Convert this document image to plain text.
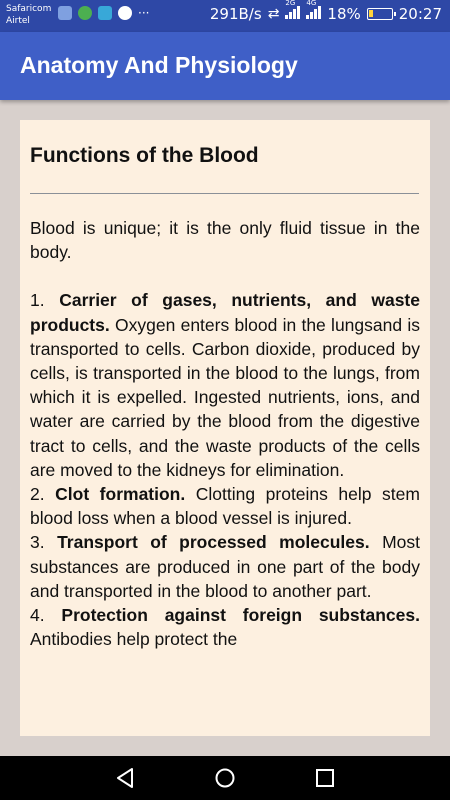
Safaricom
Airtel
···	291B/s ⇄
2G 4G
18%	20:27
Anatomy And Physiology
Functions of the Blood

Blood is unique; it is the only fluid tissue in the body.

1. Carrier of gases, nutrients, and waste products. Oxygen enters blood in the lungsand is transported to cells. Carbon dioxide, produced by cells, is transported in the blood to the lungs, from which it is expelled. Ingested nutrients, ions, and water are carried by the blood from the digestive tract to cells, and the waste products of the cells are moved to the kidneys for elimination.

2. Clot formation. Clotting proteins help stem blood loss when a blood vessel is injured.

3. Transport of processed molecules. Most substances are produced in one part of the body and transported in the blood to another part.

4. Protection against foreign substances. Antibodies help protect the
